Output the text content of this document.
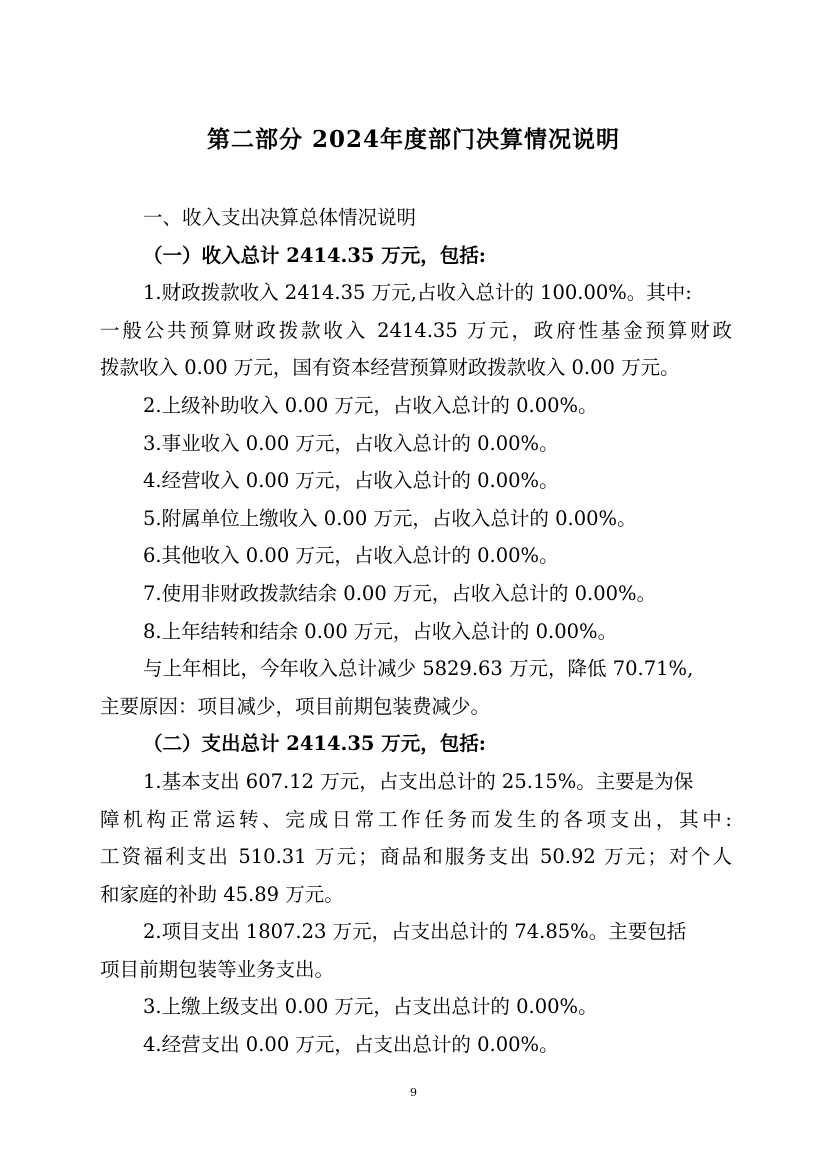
第二部分 2024年度部门决算情况说明
一、收入支出决算总体情况说明
（一）收入总计 2414.35 万元，包括:
1.财政拨款收入 2414.35 万元,占收入总计的 100.00%。其中:
一般公共预算财政拨款收入 2414.35 万元，政府性基金预算财政
拨款收入 0.00 万元，国有资本经营预算财政拨款收入 0.00 万元。
2.上级补助收入 0.00 万元，占收入总计的 0.00%。
3.事业收入 0.00 万元，占收入总计的 0.00%。
4.经营收入 0.00 万元，占收入总计的 0.00%。
5.附属单位上缴收入 0.00 万元，占收入总计的 0.00%。
6.其他收入 0.00 万元，占收入总计的 0.00%。
7.使用非财政拨款结余 0.00 万元，占收入总计的 0.00%。
8.上年结转和结余 0.00 万元，占收入总计的 0.00%。
与上年相比，今年收入总计减少 5829.63 万元，降低 70.71%,
主要原因：项目减少，项目前期包装费减少。
（二）支出总计 2414.35 万元，包括:
1.基本支出 607.12 万元，占支出总计的 25.15%。主要是为保
障机构正常运转、完成日常工作任务而发生的各项支出，其中:
工资福利支出 510.31 万元；商品和服务支出 50.92 万元；对个人
和家庭的补助 45.89 万元。
2.项目支出 1807.23 万元，占支出总计的 74.85%。主要包括
项目前期包装等业务支出。
3.上缴上级支出 0.00 万元，占支出总计的 0.00%。
4.经营支出 0.00 万元，占支出总计的 0.00%。
9
